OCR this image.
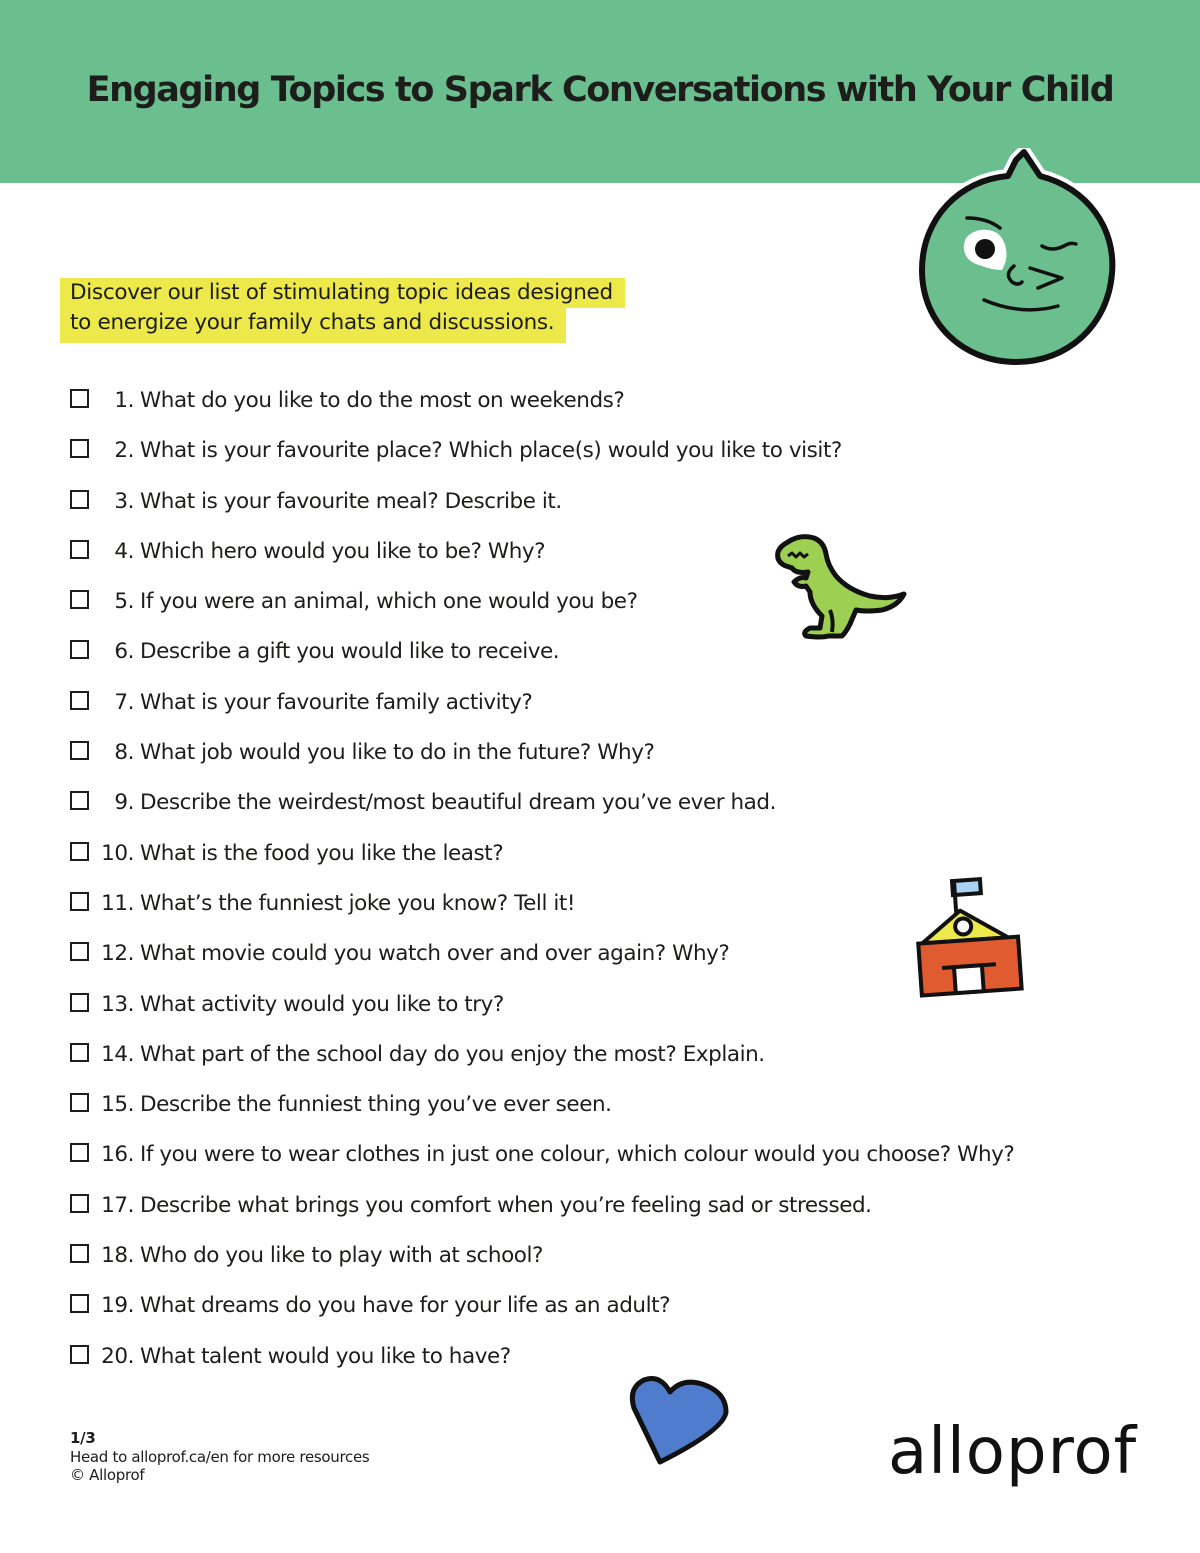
Engaging Topics to Spark Conversations with Your Child
Discover our list of stimulating topic ideas designed
to energize your family chats and discussions.
1. What do you like to do the most on weekends?
2. What is your favourite place? Which place(s) would you like to visit?
3. What is your favourite meal? Describe it.
4. Which hero would you like to be? Why?
5. If you were an animal, which one would you be?
6. Describe a gift you would like to receive.
7. What is your favourite family activity?
8. What job would you like to do in the future? Why?
9. Describe the weirdest/most beautiful dream you’ve ever had.
10. What is the food you like the least?
11. What’s the funniest joke you know? Tell it!
12. What movie could you watch over and over again? Why?
13. What activity would you like to try?
14. What part of the school day do you enjoy the most? Explain.
15. Describe the funniest thing you’ve ever seen.
16. If you were to wear clothes in just one colour, which colour would you choose? Why?
17. Describe what brings you comfort when you’re feeling sad or stressed.
18. Who do you like to play with at school?
19. What dreams do you have for your life as an adult?
20. What talent would you like to have?
1/3
Head to alloprof.ca/en for more resources
© Alloprof	alloprof
